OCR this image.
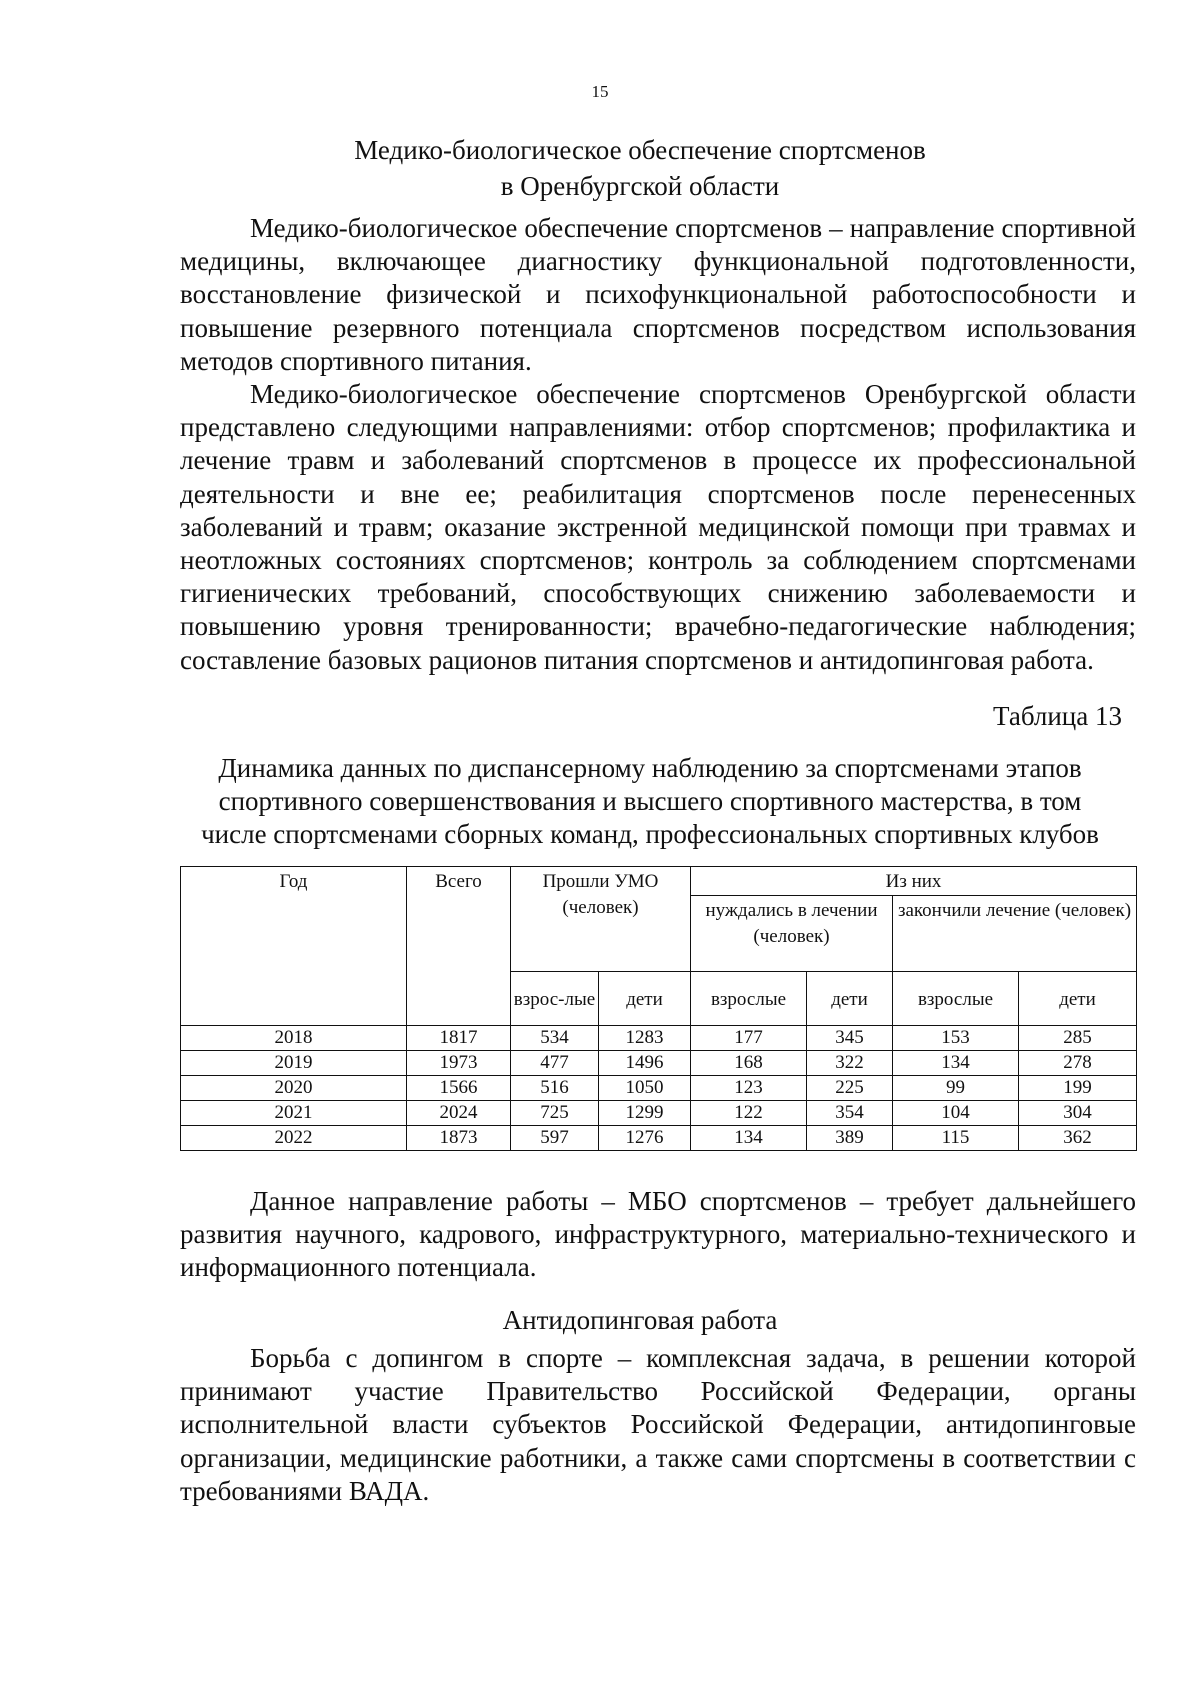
15
Медико-биологическое обеспечение спортсменов
в Оренбургской области

Медико-биологическое обеспечение спортсменов – направление спортивной медицины, включающее диагностику функциональной подготовленности, восстановление физической и психофункциональной работоспособности и повышение резервного потенциала спортсменов посредством использования методов спортивного питания.

Медико-биологическое обеспечение спортсменов Оренбургской области представлено следующими направлениями: отбор спортсменов; профилактика и лечение травм и заболеваний спортсменов в процессе их профессиональной деятельности и вне ее; реабилитация спортсменов после перенесенных заболеваний и травм; оказание экстренной медицинской помощи при травмах и неотложных состояниях спортсменов; контроль за соблюдением спортсменами гигиенических требований, способствующих снижению заболеваемости и повышению уровня тренированности; врачебно-педагогические наблюдения; составление базовых рационов питания спортсменов и антидопинговая работа.

Таблица 13
Динамика данных по диспансерному наблюдению за спортсменами этапов
спортивного совершенствования и высшего спортивного мастерства, в том
числе спортсменами сборных команд, профессиональных спортивных клубов
Год	Всего	Прошли УМО (человек)		Из них			
				нуждались в лечении (человек)		закончили лечение (человек)	
		взрос-лые	дети	взрослые	дети	взрослые	дети
2018	1817	534	1283	177	345	153	285
2019	1973	477	1496	168	322	134	278
2020	1566	516	1050	123	225	99	199
2021	2024	725	1299	122	354	104	304
2022	1873	597	1276	134	389	115	362

Данное направление работы – МБО спортсменов – требует дальнейшего развития научного, кадрового, инфраструктурного, материально-технического и информационного потенциала.

Антидопинговая работа

Борьба с допингом в спорте – комплексная задача, в решении которой принимают участие Правительство Российской Федерации, органы исполнительной власти субъектов Российской Федерации, антидопинговые организации, медицинские работники, а также сами спортсмены в соответствии с требованиями ВАДА.
